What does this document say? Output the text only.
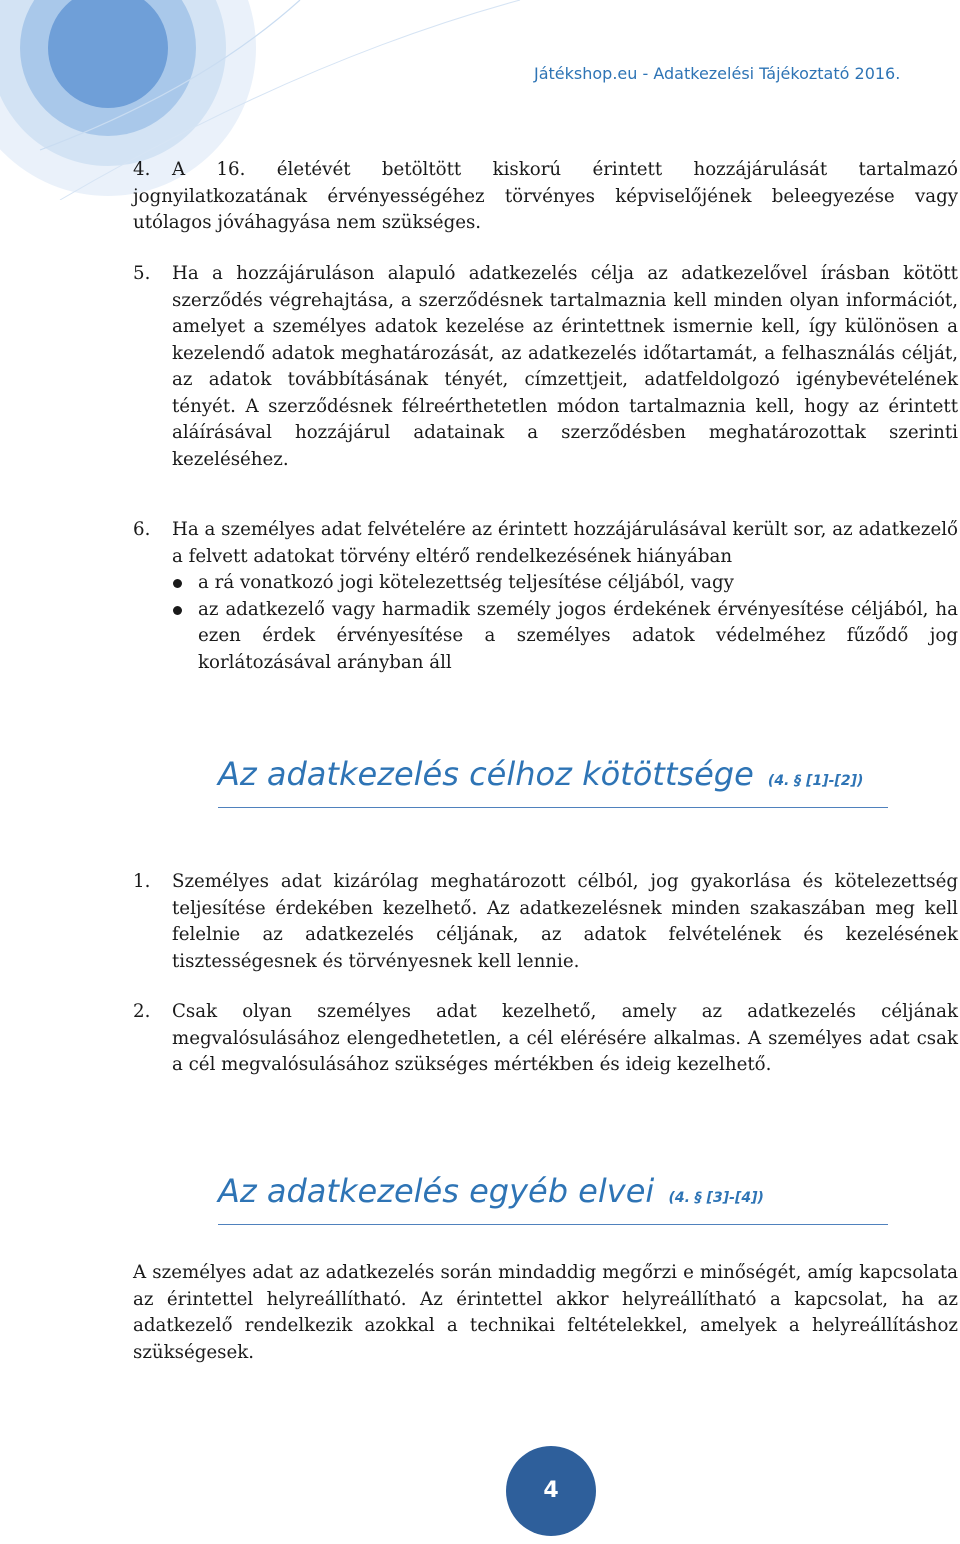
Játékshop.eu - Adatkezelési Tájékoztató 2016.
4.	A 16. életévét betöltött kiskorú érintett hozzájárulását tartalmazó jognyilatkozatának érvényességéhez törvényes képviselőjének beleegyezése vagy utólagos jóváhagyása nem szükséges.
5. Ha a hozzájáruláson alapuló adatkezelés célja az adatkezelővel írásban kötött szerződés végrehajtása, a szerződésnek tartalmaznia kell minden olyan információt, amelyet a személyes adatok kezelése az érintettnek ismernie kell, így különösen a kezelendő adatok meghatározását, az adatkezelés időtartamát, a felhasználás célját, az adatok továbbításának tényét, címzettjeit, adatfeldolgozó igénybevételének tényét. A szerződésnek félreérthetetlen módon tartalmaznia kell, hogy az érintett aláírásával hozzájárul adatainak a szerződésben meghatározottak szerinti kezeléséhez.
6. Ha a személyes adat felvételére az érintett hozzájárulásával került sor, az adatkezelő a felvett adatokat törvény eltérő rendelkezésének hiányában
a rá vonatkozó jogi kötelezettség teljesítése céljából, vagy
az adatkezelő vagy harmadik személy jogos érdekének érvényesítése céljából, ha ezen érdek érvényesítése a személyes adatok védelméhez fűződő jog korlátozásával arányban áll
Az adatkezelés célhoz kötöttsége (4. § [1]-[2])
1. Személyes adat kizárólag meghatározott célból, jog gyakorlása és kötelezettség teljesítése érdekében kezelhető. Az adatkezelésnek minden szakaszában meg kell felelnie az adatkezelés céljának, az adatok felvételének és kezelésének tisztességesnek és törvényesnek kell lennie.
2. Csak olyan személyes adat kezelhető, amely az adatkezelés céljának megvalósulásához elengedhetetlen, a cél elérésére alkalmas. A személyes adat csak a cél megvalósulásához szükséges mértékben és ideig kezelhető.
Az adatkezelés egyéb elvei (4. § [3]-[4])
A személyes adat az adatkezelés során mindaddig megőrzi e minőségét, amíg kapcsolata az érintettel helyreállítható. Az érintettel akkor helyreállítható a kapcsolat, ha az adatkezelő rendelkezik azokkal a technikai feltételekkel, amelyek a helyreállításhoz szükségesek.
4
